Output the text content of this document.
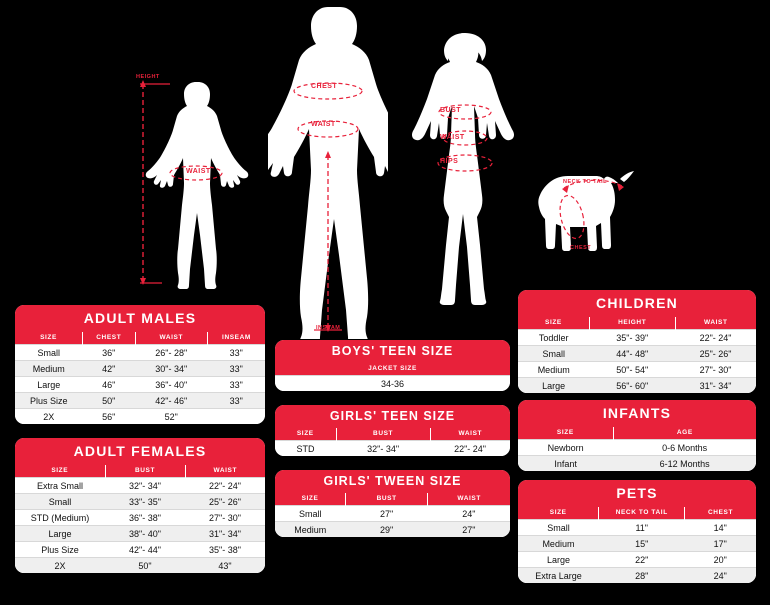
HEIGHT
WAIST
CHEST
WAIST
INSEAM
BUST
WAIST
HIPS
NECK TO TAIL
CHEST
ADULT MALES
SIZE	CHEST	WAIST	INSEAM
Small	36"	26"- 28"	33"
Medium	42"	30"- 34"	33"
Large	46"	36"- 40"	33"
Plus Size	50"	42"- 46"	33"
2X	56"	52"	
ADULT FEMALES
SIZE	BUST	WAIST
Extra Small	32"- 34"	22"- 24"
Small	33"- 35"	25"- 26"
STD (Medium)	36"- 38"	27"- 30"
Large	38"- 40"	31"- 34"
Plus Size	42"- 44"	35"- 38"
2X	50"	43"
BOYS' TEEN SIZE
JACKET SIZE
34-36
GIRLS' TEEN SIZE
SIZE	BUST	WAIST
STD	32"- 34"	22"- 24"
GIRLS' TWEEN SIZE
SIZE	BUST	WAIST
Small	27"	24"
Medium	29"	27"
CHILDREN
SIZE	HEIGHT	WAIST
Toddler	35"- 39"	22"- 24"
Small	44"- 48"	25"- 26"
Medium	50"- 54"	27"- 30"
Large	56"- 60"	31"- 34"
INFANTS
SIZE	AGE
Newborn	0-6 Months
Infant	6-12 Months
PETS
SIZE	NECK TO TAIL	CHEST
Small	11"	14"
Medium	15"	17"
Large	22"	20"
Extra Large	28"	24"
